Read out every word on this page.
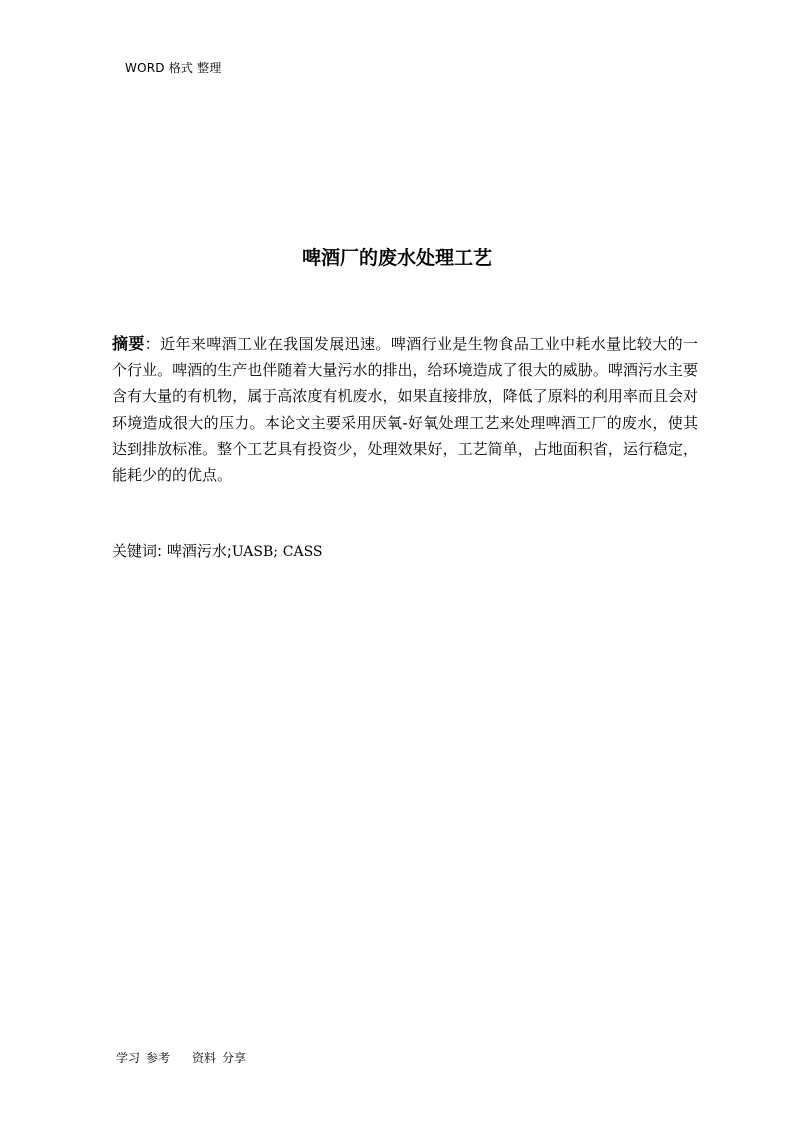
WORD 格式 整理
啤酒厂的废水处理工艺

摘要：近年来啤酒工业在我国发展迅速。啤酒行业是生物食品工业中耗水量比较大的一个行业。啤酒的生产也伴随着大量污水的排出，给环境造成了很大的威胁。啤酒污水主要含有大量的有机物，属于高浓度有机废水，如果直接排放，降低了原料的利用率而且会对环境造成很大的压力。本论文主要采用厌氧-好氧处理工艺来处理啤酒工厂的废水，使其达到排放标准。整个工艺具有投资少，处理效果好，工艺简单，占地面积省，运行稳定，能耗少的的优点。

关键词: 啤酒污水;UASB; CASS
学习 参考 资料 分享
